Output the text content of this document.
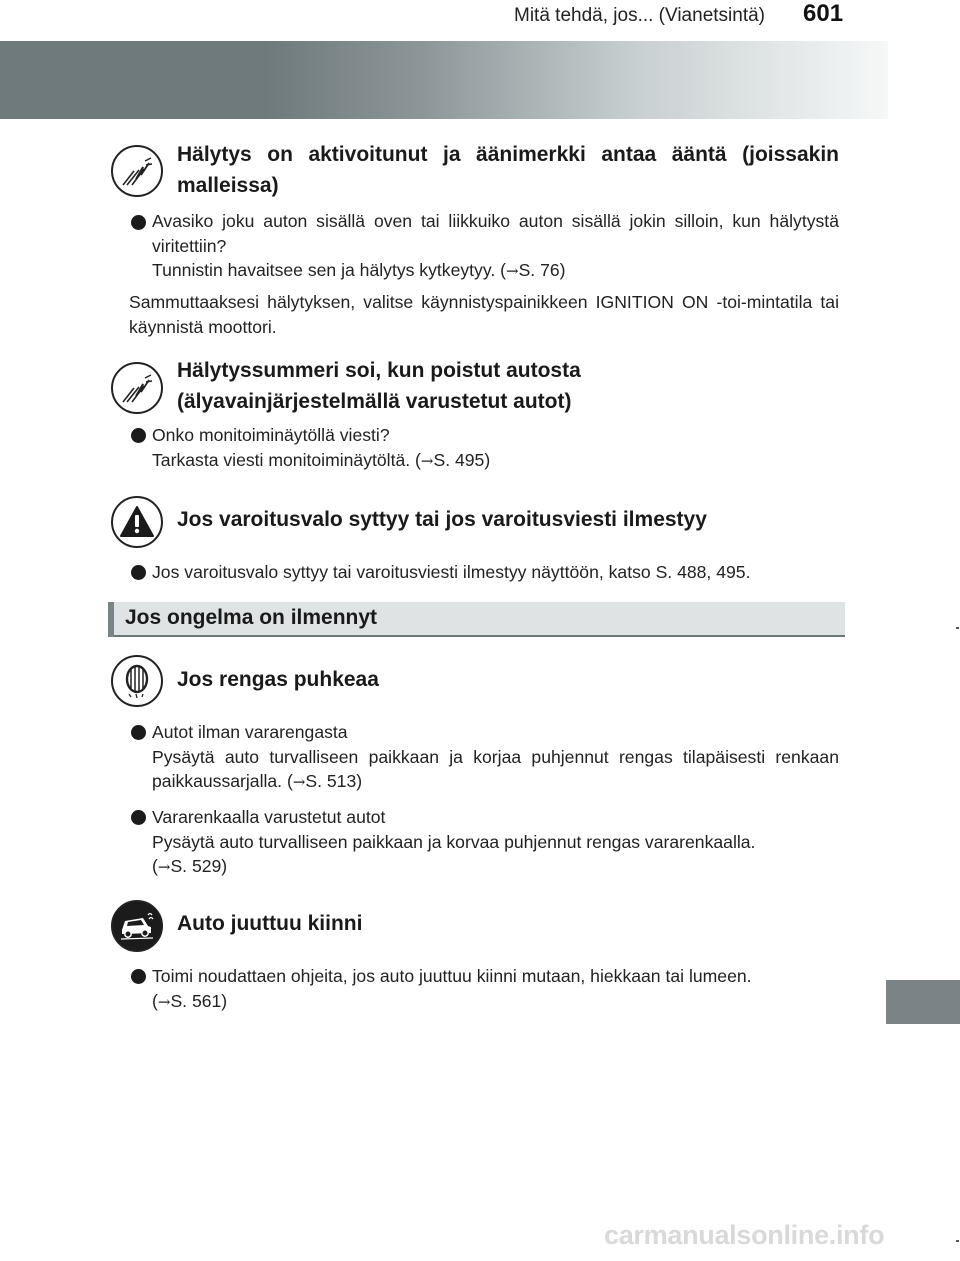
Mitä tehdä, jos... (Vianetsintä) 601
Hälytys on aktivoitunut ja äänimerkki antaa ääntä (joissakin malleissa)

Avasiko joku auton sisällä oven tai liikkuiko auton sisällä jokin silloin, kun hälytystä viritettiin?

Tunnistin havaitsee sen ja hälytys kytkeytyy. (→S. 76)

Sammuttaaksesi hälytyksen, valitse käynnistyspainikkeen IGNITION ON -toi-mintatila tai käynnistä moottori.
Hälytyssummeri soi, kun poistut autosta
(älyavainjärjestelmällä varustetut autot)

Onko monitoiminäytöllä viesti?

Tarkasta viesti monitoiminäytöltä. (→S. 495)

Jos varoitusvalo syttyy tai jos varoitusviesti ilmestyy
Jos varoitusvalo syttyy tai varoitusviesti ilmestyy näyttöön, katso S. 488, 495.
Jos ongelma on ilmennyt
Jos rengas puhkeaa

Autot ilman vararengasta

Pysäytä auto turvalliseen paikkaan ja korjaa puhjennut rengas tilapäisesti renkaan paikkaussarjalla. (→S. 513)

Vararenkaalla varustetut autot

Pysäytä auto turvalliseen paikkaan ja korvaa puhjennut rengas vararenkaalla.

(→S. 529)

Auto juuttuu kiinni

Toimi noudattaen ohjeita, jos auto juuttuu kiinni mutaan, hiekkaan tai lumeen.

(→S. 561)

carmanualsonline.info
